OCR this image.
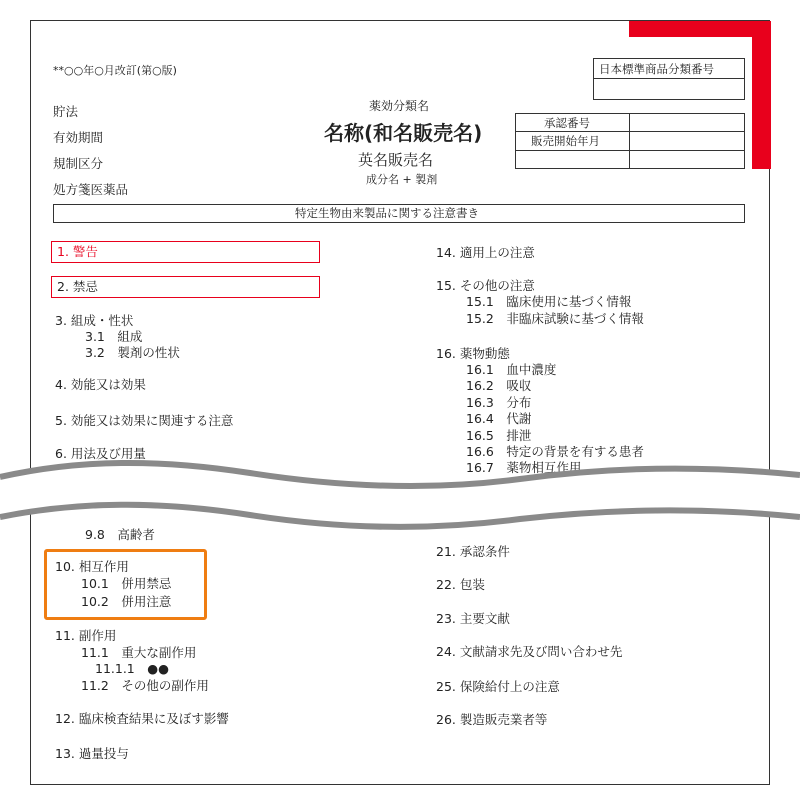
**○○年○月改訂(第○版)
貯法
有効期間
規制区分
処方箋医薬品
薬効分類名
名称(和名販売名)
英名販売名
成分名 + 製剤
日本標準商品分類番号
承認番号
販売開始年月
特定生物由来製品に関する注意書き
1. 警告
2. 禁忌
3. 組成・性状
3.1　組成
3.2　製剤の性状
4. 効能又は効果
5. 効能又は効果に関連する注意
6. 用法及び用量
9.8　高齢者
10. 相互作用
10.1　併用禁忌
10.2　併用注意
11. 副作用
11.1　重大な副作用
11.1.1　●●
11.2　その他の副作用
12. 臨床検査結果に及ぼす影響
13. 過量投与
14. 適用上の注意
15. その他の注意
15.1　臨床使用に基づく情報
15.2　非臨床試験に基づく情報
16. 薬物動態
16.1　血中濃度
16.2　吸収
16.3　分布
16.4　代謝
16.5　排泄
16.6　特定の背景を有する患者
16.7　薬物相互作用
21. 承認条件
22. 包装
23. 主要文献
24. 文献請求先及び問い合わせ先
25. 保険給付上の注意
26. 製造販売業者等
